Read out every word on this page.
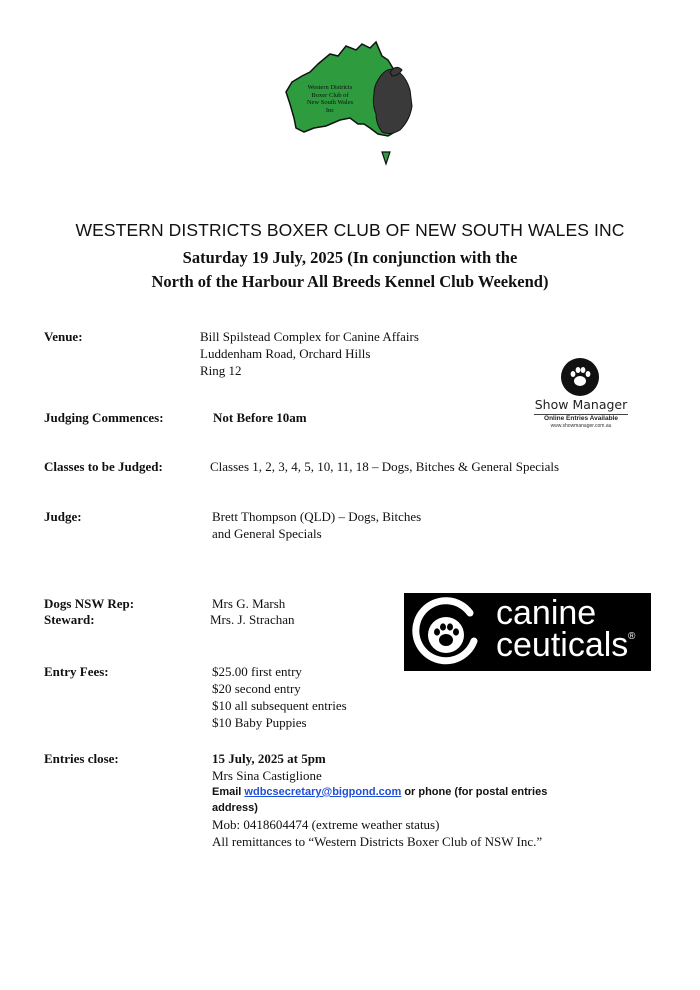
Western Districts
Boxer Club of
New South Wales
Inc
WESTERN DISTRICTS BOXER CLUB OF NEW SOUTH WALES INC
Saturday 19 July, 2025 (In conjunction with the
North of the Harbour All Breeds Kennel Club Weekend)
Venue:	Bill Spilstead Complex for Canine Affairs
Luddenham Road, Orchard Hills
Ring 12
Show Manager
Online Entries Available
www.showmanager.com.au
Judging Commences:	Not Before 10am
Classes to be Judged:	Classes 1, 2, 3, 4, 5, 10, 11, 18 – Dogs, Bitches & General Specials
Judge:	Brett Thompson (QLD) – Dogs, Bitches
and General Specials
Dogs NSW Rep:	Mrs G. Marsh
Steward:	Mrs. J. Strachan	canine
ceuticals ®
Entry Fees:	$25.00 first entry
$20 second entry
$10 all subsequent entries
$10 Baby Puppies
Entries close:	15 July, 2025 at 5pm
Mrs Sina Castiglione
Email wdbcsecretary@bigpond.com or phone (for postal entries
address)
Mob: 0418604474 (extreme weather status)
All remittances to “Western Districts Boxer Club of NSW Inc.”
